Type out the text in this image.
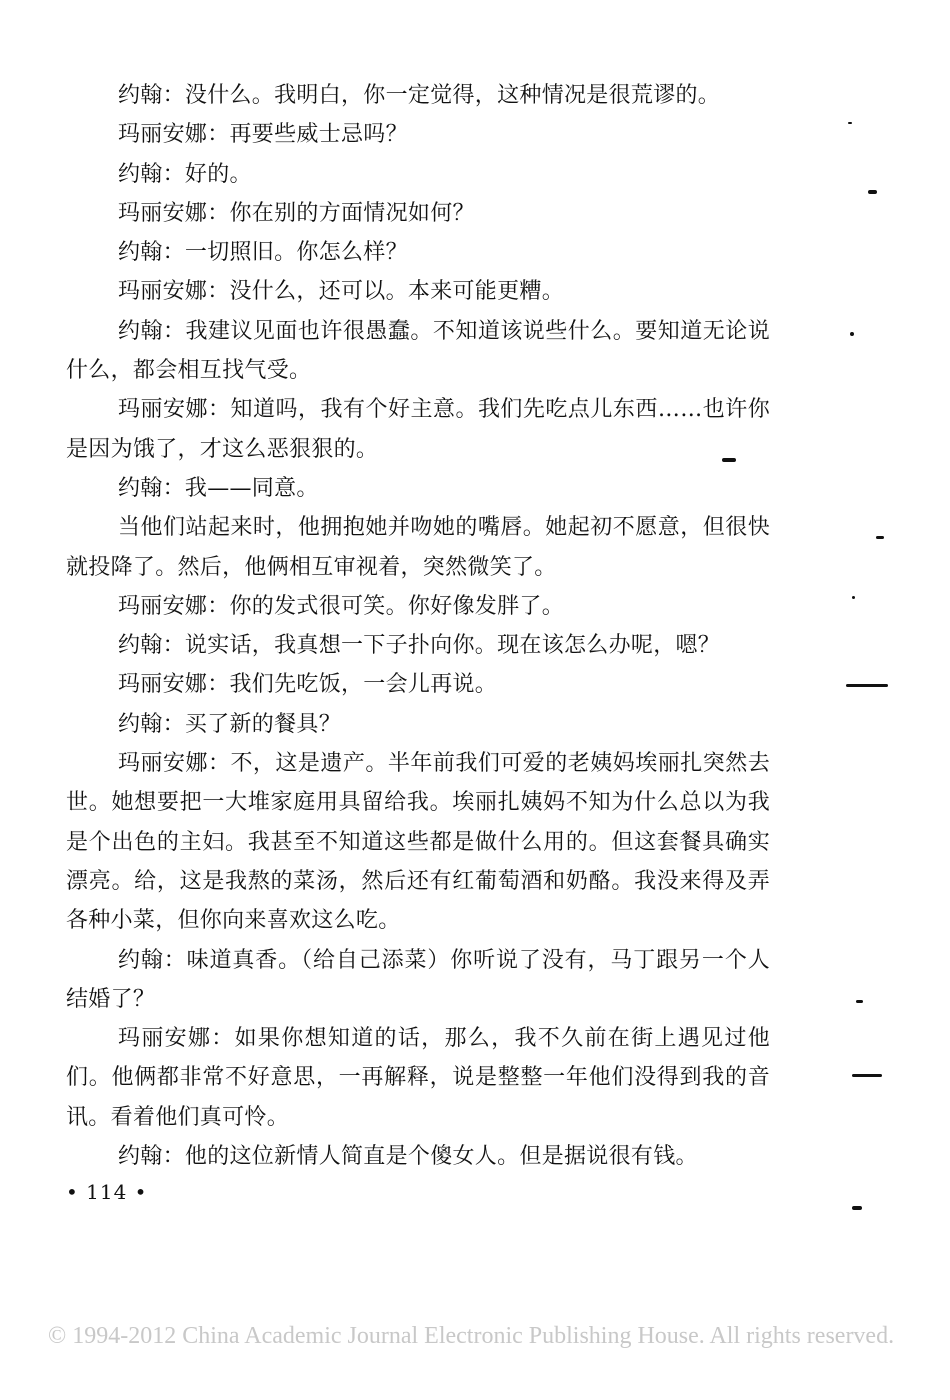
约翰：没什么。我明白，你一定觉得，这种情况是很荒谬的。

玛丽安娜：再要些威士忌吗？

约翰：好的。

玛丽安娜：你在别的方面情况如何？

约翰：一切照旧。你怎么样？

玛丽安娜：没什么，还可以。本来可能更糟。

约翰：我建议见面也许很愚蠢。不知道该说些什么。要知道无论说什么，都会相互找气受。

玛丽安娜：知道吗，我有个好主意。我们先吃点儿东西……也许你是因为饿了，才这么恶狠狠的。

约翰：我——同意。

当他们站起来时，他拥抱她并吻她的嘴唇。她起初不愿意，但很快就投降了。然后，他俩相互审视着，突然微笑了。

玛丽安娜：你的发式很可笑。你好像发胖了。

约翰：说实话，我真想一下子扑向你。现在该怎么办呢，嗯？

玛丽安娜：我们先吃饭，一会儿再说。

约翰：买了新的餐具？

玛丽安娜：不，这是遗产。半年前我们可爱的老姨妈埃丽扎突然去世。她想要把一大堆家庭用具留给我。埃丽扎姨妈不知为什么总以为我是个出色的主妇。我甚至不知道这些都是做什么用的。但这套餐具确实漂亮。给，这是我熬的菜汤，然后还有红葡萄酒和奶酪。我没来得及弄各种小菜，但你向来喜欢这么吃。

约翰：味道真香。（给自己添菜）你听说了没有，马丁跟另一个人结婚了？

玛丽安娜：如果你想知道的话，那么，我不久前在街上遇见过他们。他俩都非常不好意思，一再解释，说是整整一年他们没得到我的音讯。看着他们真可怜。

约翰：他的这位新情人简直是个傻女人。但是据说很有钱。

• 114 •
© 1994-2012 China Academic Journal Electronic Publishing House. All rights reserved.
